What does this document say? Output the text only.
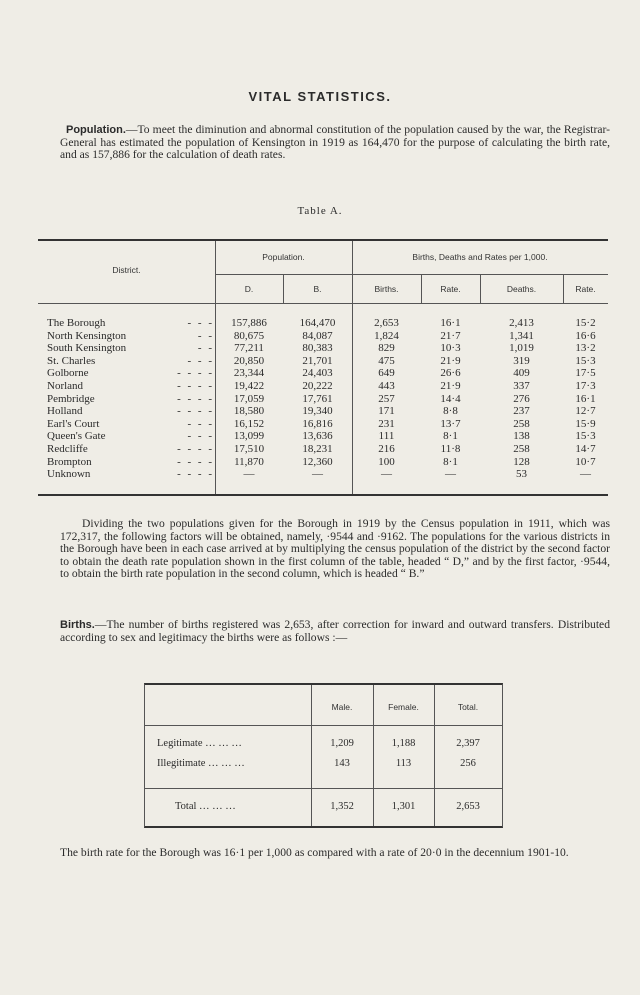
VITAL STATISTICS.
Population.—To meet the diminution and abnormal constitution of the population caused by the war, the Registrar-General has estimated the population of Kensington in 1919 as 164,470 for the purpose of calculating the birth rate, and as 157,886 for the calculation of death rates.
Table A.
District.
Population.	Births, Deaths and Rates per 1,000.
D.	B.	Births.	Rate.	Deaths.	Rate.
The Borough	- - -	157,886	164,470	2,653	16·1	2,413	15·2
North Kensington	- -	80,675	84,087	1,824	21·7	1,341	16·6
South Kensington	- -	77,211	80,383	829	10·3	1,019	13·2
St. Charles	- - -	20,850	21,701	475	21·9	319	15·3
Golborne	- - - -	23,344	24,403	649	26·6	409	17·5
Norland	- - - -	19,422	20,222	443	21·9	337	17·3
Pembridge	- - - -	17,059	17,761	257	14·4	276	16·1
Holland	- - - -	18,580	19,340	171	8·8	237	12·7
Earl's Court	- - -	16,152	16,816	231	13·7	258	15·9
Queen's Gate	- - -	13,099	13,636	111	8·1	138	15·3
Redcliffe	- - - -	17,510	18,231	216	11·8	258	14·7
Brompton	- - - -	11,870	12,360	100	8·1	128	10·7
Unknown	- - - -	—	—	—	—	53	—
Dividing the two populations given for the Borough in 1919 by the Census population in 1911, which was 172,317, the following factors will be obtained, namely, ·9544 and ·9162. The populations for the various districts in the Borough have been in each case arrived at by multiplying the census population of the district by the second factor to obtain the death rate population shown in the first column of the table, headed “ D,” and by the first factor, ·9544, to obtain the birth rate population in the second column, which is headed “ B.”
Births.—The number of births registered was 2,653, after correction for inward and outward transfers. Distributed according to sex and legitimacy the births were as follows :—
Male.	Female.	Total.
Legitimate … … …	1,209	1,188	2,397
Illegitimate … … …	143	113	256
Total … … …	1,352	1,301	2,653
The birth rate for the Borough was 16·1 per 1,000 as compared with a rate of 20·0 in the decennium 1901-10.
